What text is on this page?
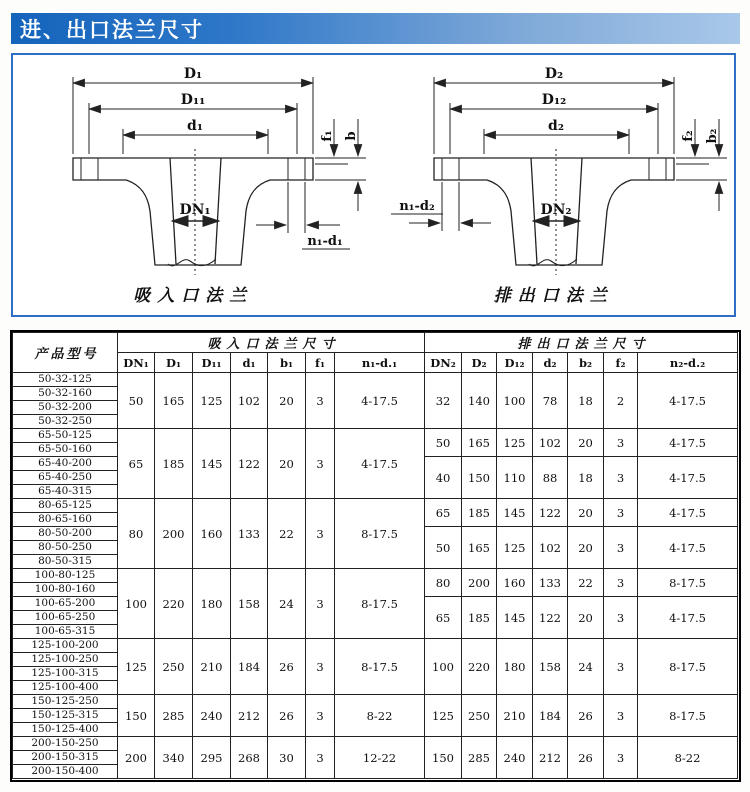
进、出口法兰尺寸
D₁
D₁₁
d₁
DN₁
f₁ b
n₁-d₁
吸入口法兰
D₂
D₁₂
d₂
DN₂
f₂ b₂
n₁-d₂
排出口法兰
产品型号	吸入口法兰尺寸							排出口法兰尺寸						
	DN₁	D₁	D₁₁	d₁	b₁	f₁	n₁-d.₁	DN₂	D₂	D₁₂	d₂	b₂	f₂	n₂-d.₂
50-32-125	50	165	125	102	20	3	4-17.5	32	140	100	78	18	2	4-17.5
50-32-160														
50-32-200														
50-32-250														
65-50-125	65	185	145	122	20	3	4-17.5	50	165	125	102	20	3	4-17.5
65-50-160														
65-40-200								40	150	110	88	18	3	4-17.5
65-40-250														
65-40-315														
80-65-125	80	200	160	133	22	3	8-17.5	65	185	145	122	20	3	4-17.5
80-65-160														
80-50-200								50	165	125	102	20	3	4-17.5
80-50-250														
80-50-315														
100-80-125	100	220	180	158	24	3	8-17.5	80	200	160	133	22	3	8-17.5
100-80-160														
100-65-200								65	185	145	122	20	3	4-17.5
100-65-250														
100-65-315														
125-100-200	125	250	210	184	26	3	8-17.5	100	220	180	158	24	3	8-17.5
125-100-250														
125-100-315														
125-100-400														
150-125-250	150	285	240	212	26	3	8-22	125	250	210	184	26	3	8-17.5
150-125-315														
150-125-400														
200-150-250	200	340	295	268	30	3	12-22	150	285	240	212	26	3	8-22
200-150-315														
200-150-400														
